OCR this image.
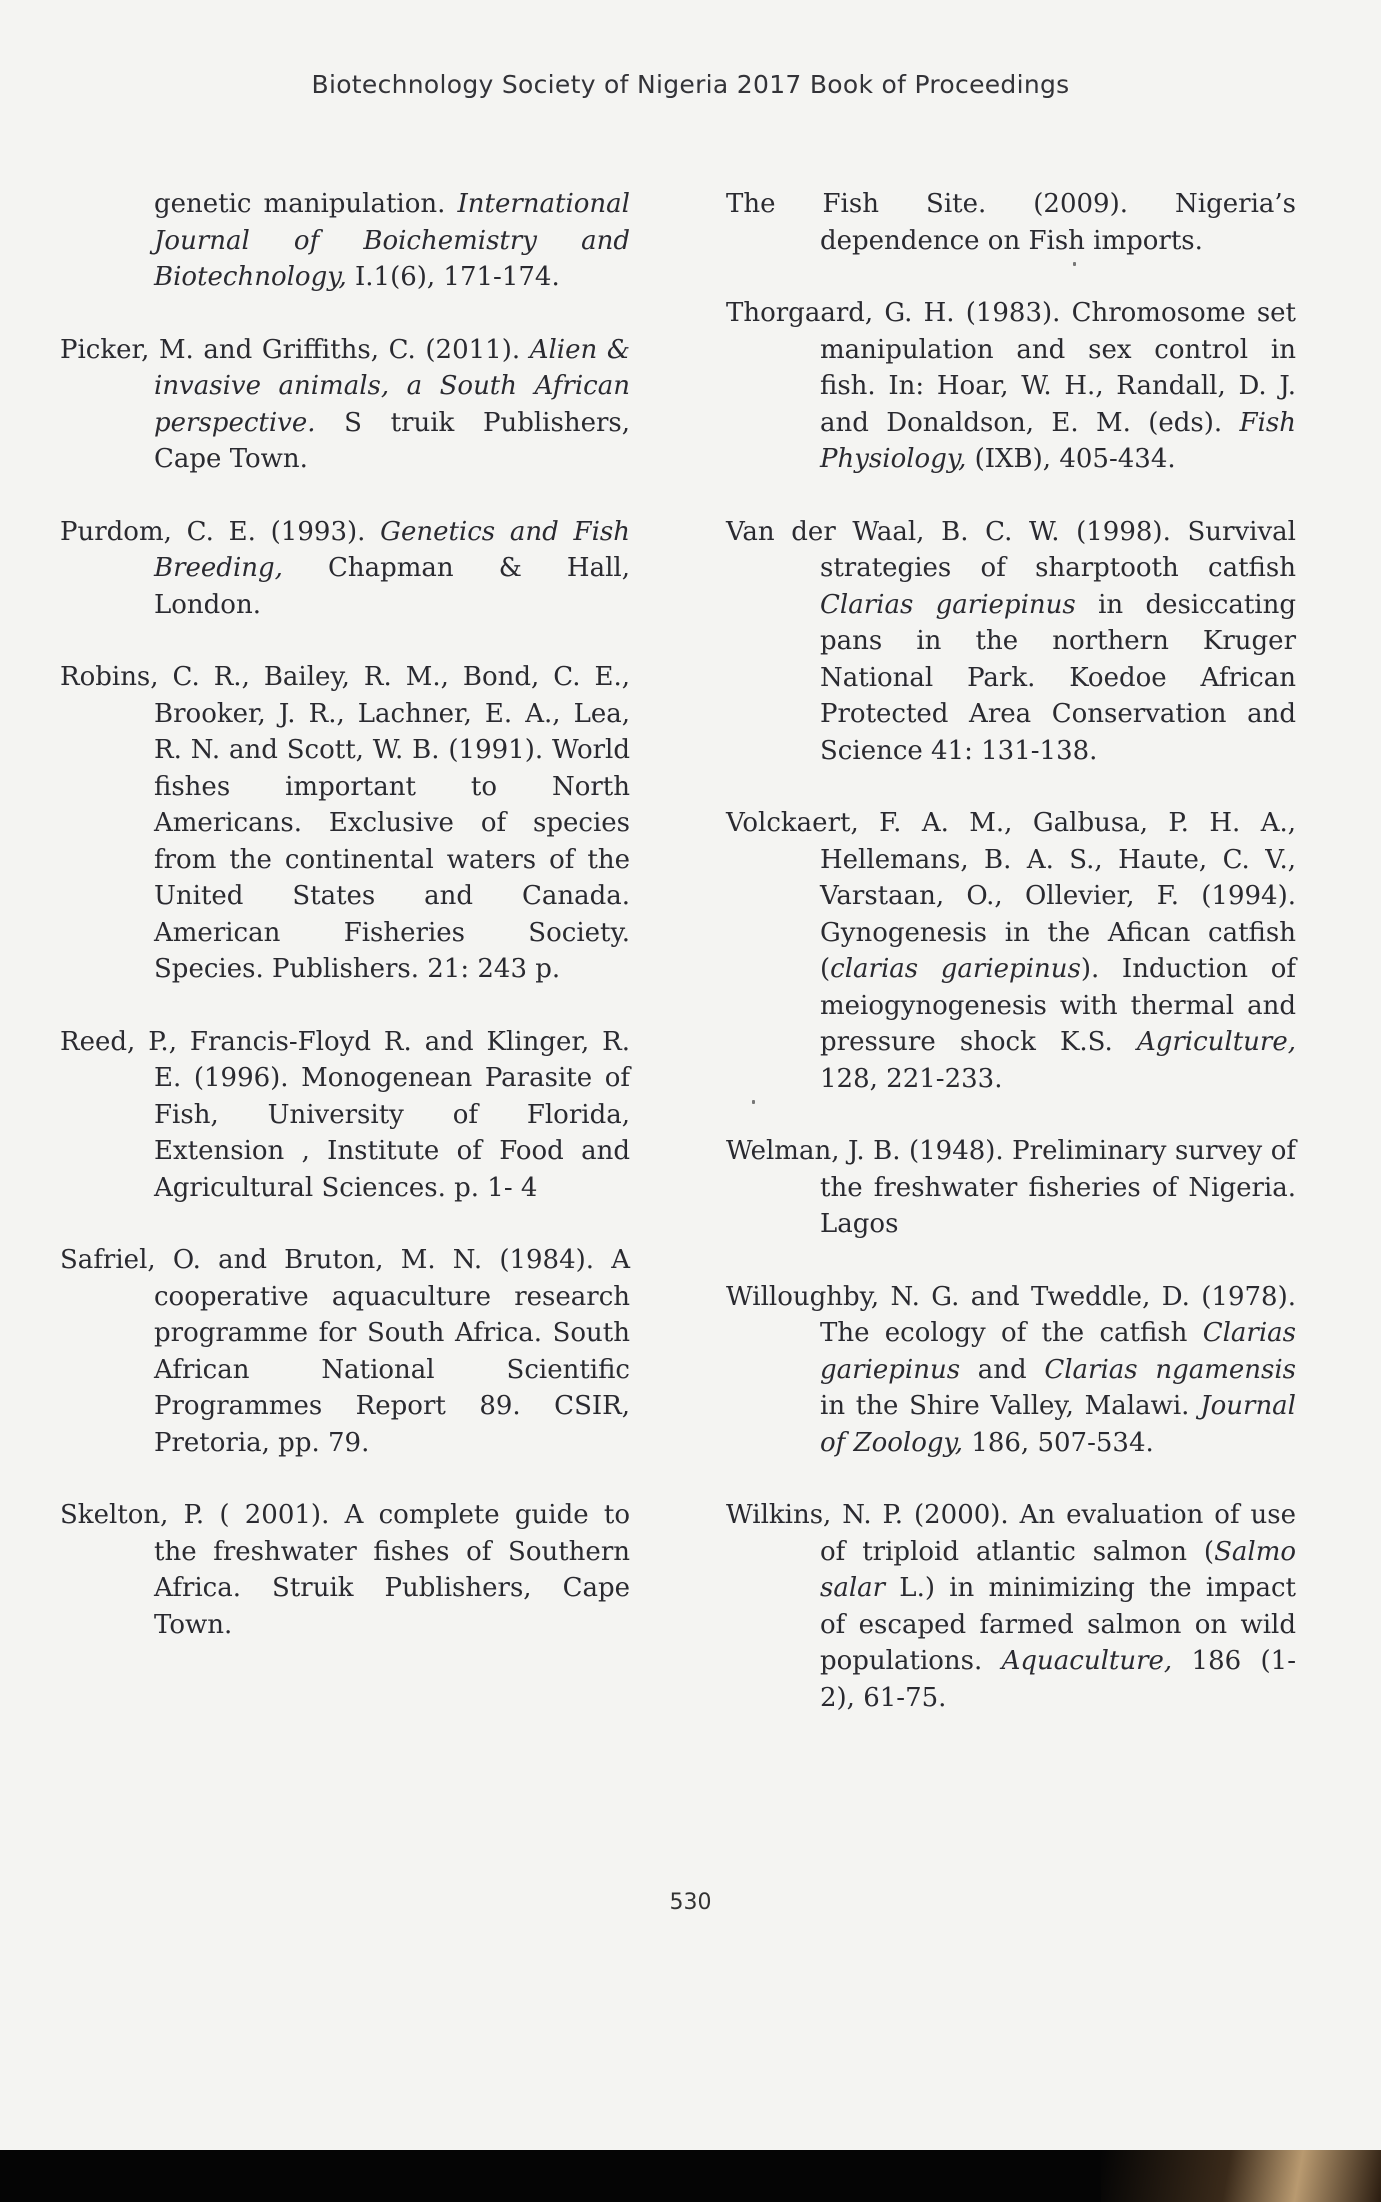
Biotechnology Society of Nigeria 2017 Book of Proceedings

genetic manipulation. International Journal of Boichemistry and Biotechnology, I.1(6), 171-174.

Picker, M. and Griffiths, C. (2011). Alien & invasive animals, a South African perspective. S truik Publishers, Cape Town.

Purdom, C. E. (1993). Genetics and Fish Breeding, Chapman & Hall, London.

Robins, C. R., Bailey, R. M., Bond, C. E., Brooker, J. R., Lachner, E. A., Lea, R. N. and Scott, W. B. (1991). World fishes important to North Americans. Exclusive of species from the continental waters of the United States and Canada. American Fisheries Society. Species. Publishers. 21: 243 p.

Reed, P., Francis-Floyd R. and Klinger, R. E. (1996). Monogenean Parasite of Fish, University of Florida, Extension , Institute of Food and Agricultural Sciences. p. 1- 4

Safriel, O. and Bruton, M. N. (1984). A cooperative aquaculture research programme for South Africa. South African National Scientific Programmes Report 89. CSIR, Pretoria, pp. 79.

Skelton, P. ( 2001). A complete guide to the freshwater fishes of Southern Africa. Struik Publishers, Cape Town.

The Fish Site. (2009). Nigeria’s dependence on Fish imports.

Thorgaard, G. H. (1983). Chromosome set manipulation and sex control in fish. In: Hoar, W. H., Randall, D. J. and Donaldson, E. M. (eds). Fish Physiology, (IXB), 405-434.

Van der Waal, B. C. W. (1998). Survival strategies of sharptooth catfish Clarias gariepinus in desiccating pans in the northern Kruger National Park. Koedoe African Protected Area Conservation and Science 41: 131-138.

Volckaert, F. A. M., Galbusa, P. H. A., Hellemans, B. A. S., Haute, C. V., Varstaan, O., Ollevier, F. (1994). Gynogenesis in the Afican catfish (clarias gariepinus). Induction of meiogynogenesis with thermal and pressure shock K.S. Agriculture, 128, 221-233.

Welman, J. B. (1948). Preliminary survey of the freshwater fisheries of Nigeria. Lagos

Willoughby, N. G. and Tweddle, D. (1978). The ecology of the catfish Clarias gariepinus and Clarias ngamensis in the Shire Valley, Malawi. Journal of Zoology, 186, 507-534.

Wilkins, N. P. (2000). An evaluation of use of triploid atlantic salmon (Salmo salar L.) in minimizing the impact of escaped farmed salmon on wild populations. Aquaculture, 186 (1-2), 61-75.

530
